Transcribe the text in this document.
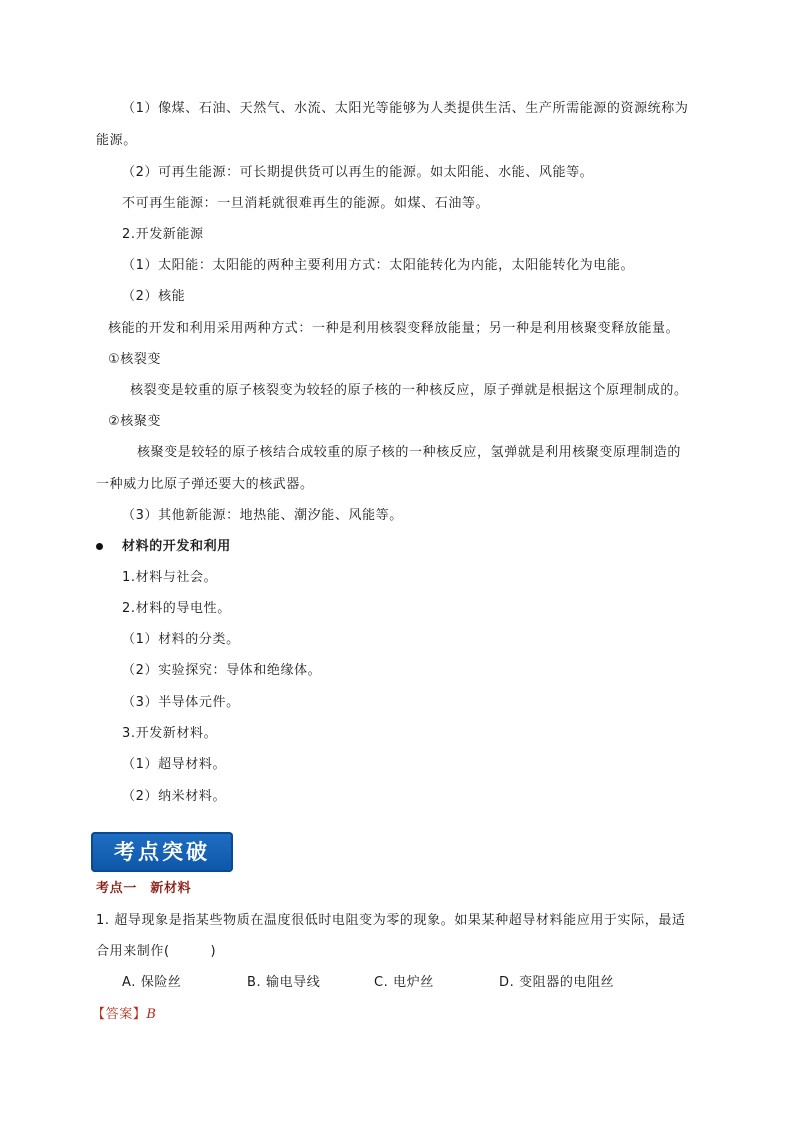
（1）像煤、石油、天然气、水流、太阳光等能够为人类提供生活、生产所需能源的资源统称为
能源。
（2）可再生能源：可长期提供货可以再生的能源。如太阳能、水能、风能等。
不可再生能源：一旦消耗就很难再生的能源。如煤、石油等。
2.开发新能源
（1）太阳能：太阳能的两种主要利用方式：太阳能转化为内能，太阳能转化为电能。
（2）核能
核能的开发和利用采用两种方式：一种是利用核裂变释放能量；另一种是利用核聚变释放能量。
①核裂变
核裂变是较重的原子核裂变为较轻的原子核的一种核反应，原子弹就是根据这个原理制成的。
②核聚变
核聚变是较轻的原子核结合成较重的原子核的一种核反应，氢弹就是利用核聚变原理制造的
一种威力比原子弹还要大的核武器。
（3）其他新能源：地热能、潮汐能、风能等。
材料的开发和利用
1.材料与社会。
2.材料的导电性。
（1）材料的分类。
（2）实验探究：导体和绝缘体。
（3）半导体元件。
3.开发新材料。
（1）超导材料。
（2）纳米材料。
考点突破
考点一　新材料
1. 超导现象是指某些物质在温度很低时电阻变为零的现象。如果某种超导材料能应用于实际，最适
合用来制作(　　　)
A. 保险丝	B. 输电导线	C. 电炉丝	D. 变阻器的电阻丝
【答案】B
